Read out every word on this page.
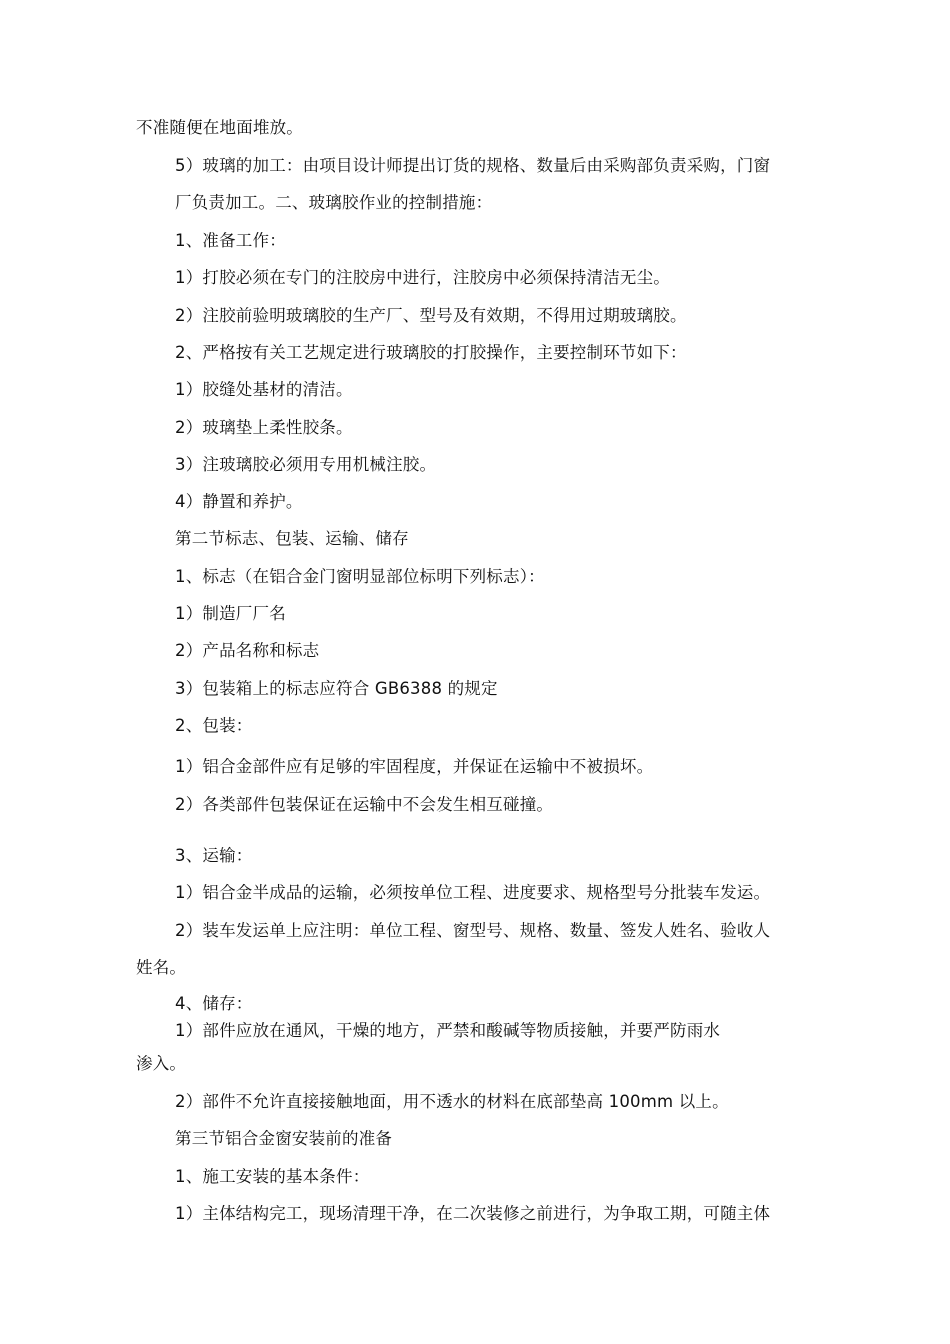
不准随便在地面堆放。
5）玻璃的加工：由项目设计师提出订货的规格、数量后由采购部负责采购，门窗
厂负责加工。二、玻璃胶作业的控制措施：
1、准备工作：
1）打胶必须在专门的注胶房中进行，注胶房中必须保持清洁无尘。
2）注胶前验明玻璃胶的生产厂、型号及有效期，不得用过期玻璃胶。
2、严格按有关工艺规定进行玻璃胶的打胶操作，主要控制环节如下：
1）胶缝处基材的清洁。
2）玻璃垫上柔性胶条。
3）注玻璃胶必须用专用机械注胶。
4）静置和养护。
第二节标志、包装、运输、储存
1、标志（在铝合金门窗明显部位标明下列标志）：
1）制造厂厂名
2）产品名称和标志
3）包装箱上的标志应符合 GB6388 的规定
2、包装：
1）铝合金部件应有足够的牢固程度，并保证在运输中不被损坏。
2）各类部件包装保证在运输中不会发生相互碰撞。
3、运输：
1）铝合金半成品的运输，必须按单位工程、进度要求、规格型号分批装车发运。
2）装车发运单上应注明：单位工程、窗型号、规格、数量、签发人姓名、验收人
姓名。
4、储存：
1）部件应放在通风，干燥的地方，严禁和酸碱等物质接触，并要严防雨水
渗入。
2）部件不允许直接接触地面，用不透水的材料在底部垫高 100mm 以上。
第三节铝合金窗安装前的准备
1、施工安装的基本条件：
1）主体结构完工，现场清理干净，在二次装修之前进行，为争取工期，可随主体
